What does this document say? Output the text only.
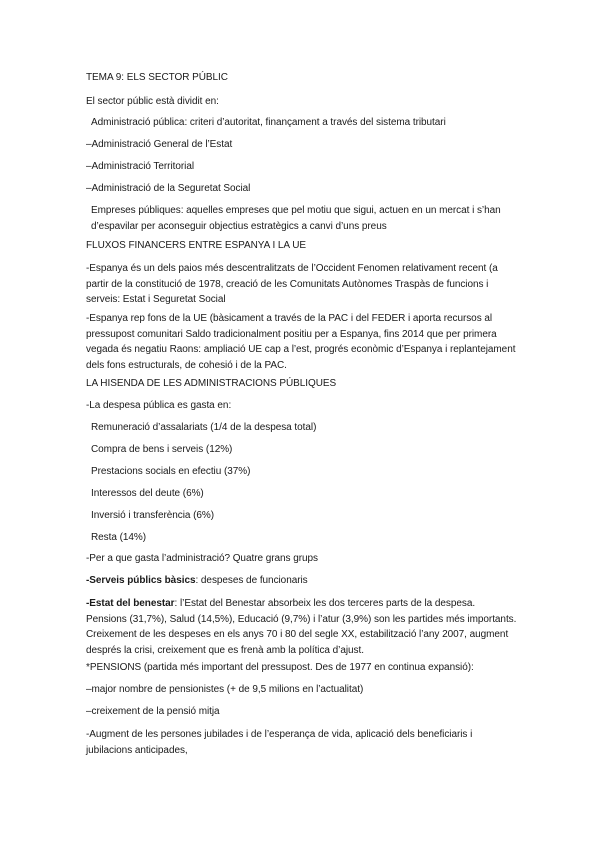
TEMA 9: ELS SECTOR PÚBLIC
El sector públic està dividit en:
Administració pública: criteri d’autoritat, finançament a través del sistema tributari
–Administració General de l’Estat
–Administració Territorial
–Administració de la Seguretat Social
Empreses públiques: aquelles empreses que pel motiu que sigui, actuen en un mercat i s’han d’espavilar per aconseguir objectius estratègics a canvi d’uns preus
FLUXOS FINANCERS ENTRE ESPANYA I LA UE
-Espanya és un dels paios més descentralitzats de l’Occident Fenomen relativament recent (a partir de la constitució de 1978, creació de les Comunitats Autònomes Traspàs de funcions i serveis: Estat i Seguretat Social
-Espanya rep fons de la UE (bàsicament a través de la PAC i del FEDER i aporta recursos al pressupost comunitari Saldo tradicionalment positiu per a Espanya, fins 2014 que per primera vegada és negatiu Raons: ampliació UE cap a l’est, progrés econòmic d’Espanya i replantejament dels fons estructurals, de cohesió i de la PAC.
LA HISENDA DE LES ADMINISTRACIONS PÚBLIQUES
-La despesa pública es gasta en:
Remuneració d’assalariats (1/4 de la despesa total)
Compra de bens i serveis (12%)
Prestacions socials en efectiu (37%)
Interessos del deute (6%)
Inversió i transferència (6%)
Resta (14%)
-Per a que gasta l’administració? Quatre grans grups
-Serveis públics bàsics: despeses de funcionaris
-Estat del benestar: l’Estat del Benestar absorbeix les dos terceres parts de la despesa. Pensions (31,7%), Salud (14,5%), Educació (9,7%) i l’atur (3,9%) son les partides més importants. Creixement de les despeses en els anys 70 i 80 del segle XX, estabilització l’any 2007, augment després la crisi, creixement que es frenà amb la política d’ajust.
*PENSIONS (partida més important del pressupost. Des de 1977 en continua expansió):
–major nombre de pensionistes (+ de 9,5 milions en l’actualitat)
–creixement de la pensió mitja
-Augment de les persones jubilades i de l’esperança de vida, aplicació dels beneficiaris i jubilacions anticipades,
